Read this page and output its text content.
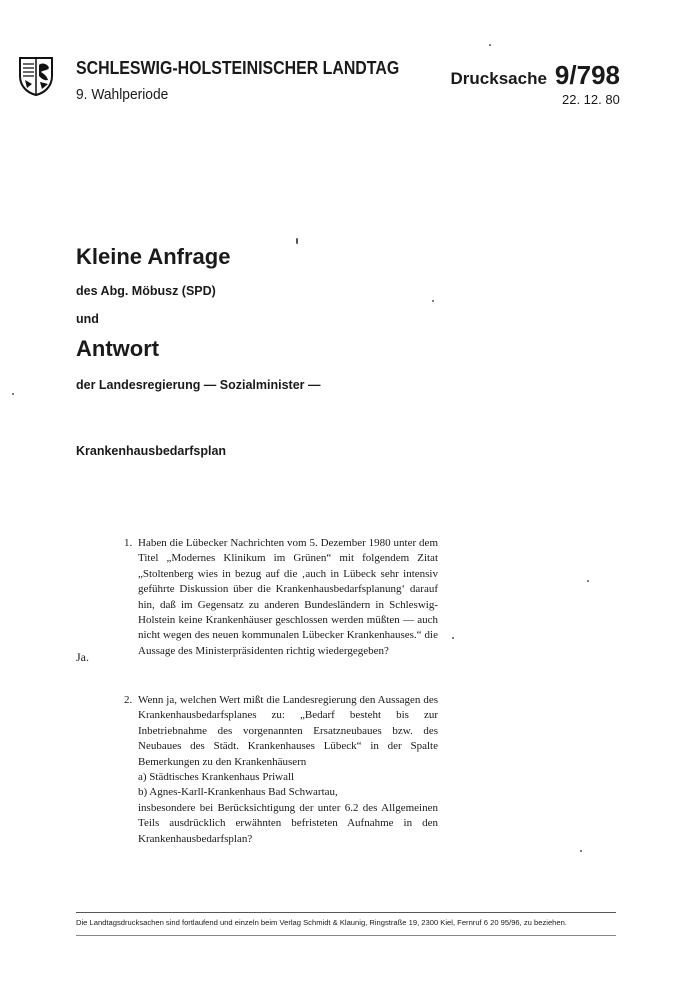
SCHLESWIG-HOLSTEINISCHER LANDTAG
9. Wahlperiode
Drucksache 9/798
22. 12. 80
Kleine Anfrage
des Abg. Möbusz (SPD)
und
Antwort
der Landesregierung — Sozialminister —
Krankenhausbedarfsplan
1. Haben die Lübecker Nachrichten vom 5. Dezember 1980 unter dem Titel „Modernes Klinikum im Grünen“ mit folgendem Zitat „Stoltenberg wies in bezug auf die ‚auch in Lübeck sehr intensiv geführte Diskussion über die Krankenhausbedarfsplanung‘ darauf hin, daß im Gegensatz zu anderen Bundesländern in Schleswig-Holstein keine Krankenhäuser geschlossen werden müßten — auch nicht wegen des neuen kommunalen Lübecker Krankenhauses.“ die Aussage des Ministerpräsidenten richtig wiedergegeben?

Ja.
2. Wenn ja, welchen Wert mißt die Landesregierung den Aussagen des Krankenhausbedarfsplanes zu: „Bedarf besteht bis zur Inbetriebnahme des vorgenannten Ersatzneubaues bzw. des Neubaues des Städt. Krankenhauses Lübeck“ in der Spalte Bemerkungen zu den Krankenhäusern

a) Städtisches Krankenhaus Priwall

b) Agnes-Karll-Krankenhaus Bad Schwartau,

insbesondere bei Berücksichtigung der unter 6.2 des Allgemeinen Teils ausdrücklich erwähnten befristeten Aufnahme in den Krankenhausbedarfsplan?

Die Landtagsdrucksachen sind fortlaufend und einzeln beim Verlag Schmidt & Klaunig, Ringstraße 19, 2300 Kiel, Fernruf 6 20 95/96, zu beziehen.
